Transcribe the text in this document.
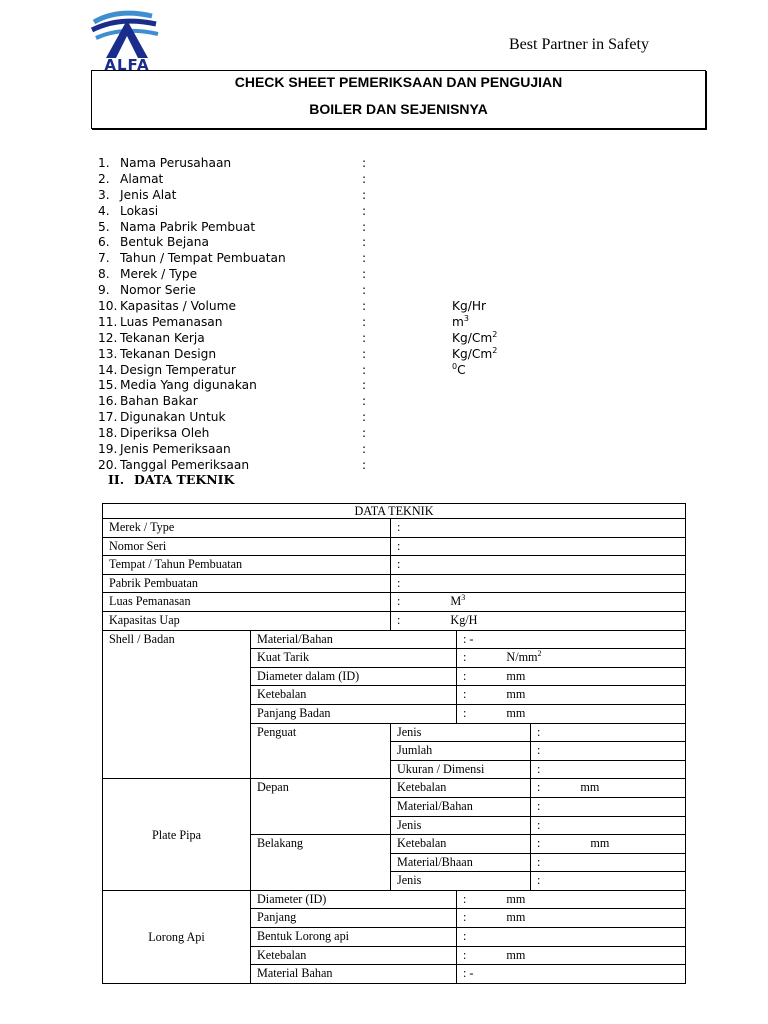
ALFA
Best Partner in Safety
CHECK SHEET PEMERIKSAAN DAN PENGUJIAN
BOILER DAN SEJENISNYA
1. Nama Perusahaan	:
2. Alamat	:
3. Jenis Alat	:
4. Lokasi	:
5. Nama Pabrik Pembuat	:
6. Bentuk Bejana	:
7. Tahun / Tempat Pembuatan	:
8. Merek / Type	:
9. Nomor Serie	:
10. Kapasitas / Volume	:	Kg/Hr
11. Luas Pemanasan	:	$m^3$
12. Tekanan Kerja	:	Kg/Cm$^2$
13. Tekanan Design	:	Kg/Cm$^2$
14. Design Temperatur	:	$^0$C
15. Media Yang digunakan	:
16. Bahan Bakar	:
17. Digunakan Untuk	:
18. Diperiksa Oleh	:
19. Jenis Pemeriksaan	:
20. Tanggal Pemeriksaan	:
II. DATA TEKNIK
DATA TEKNIK				
Merek / Type		:		
Nomor Seri		:		
Tempat / Tahun Pembuatan		:		
Pabrik Pembuatan		:		
Luas Pemanasan		: $M^3$
Kapasitas Uap		: Kg/H		
Shell / Badan	Material/Bahan		: -	
	Kuat Tarik		: $N/mm^2$
	Diameter dalam (ID)		: mm	
	Ketebalan		: mm	
	Panjang Badan		: mm	
	Penguat	Jenis		:
		Jumlah		:
		Ukuran / Dimensi		:
Plate Pipa	Depan	Ketebalan		: mm
		Material/Bahan		:
		Jenis		:
	Belakang	Ketebalan		: mm
		Material/Bhaan		:
		Jenis		:
Lorong Api	Diameter (ID)		: mm	
	Panjang		: mm	
	Bentuk Lorong api		:	
	Ketebalan		: mm	
	Material Bahan		: -	
